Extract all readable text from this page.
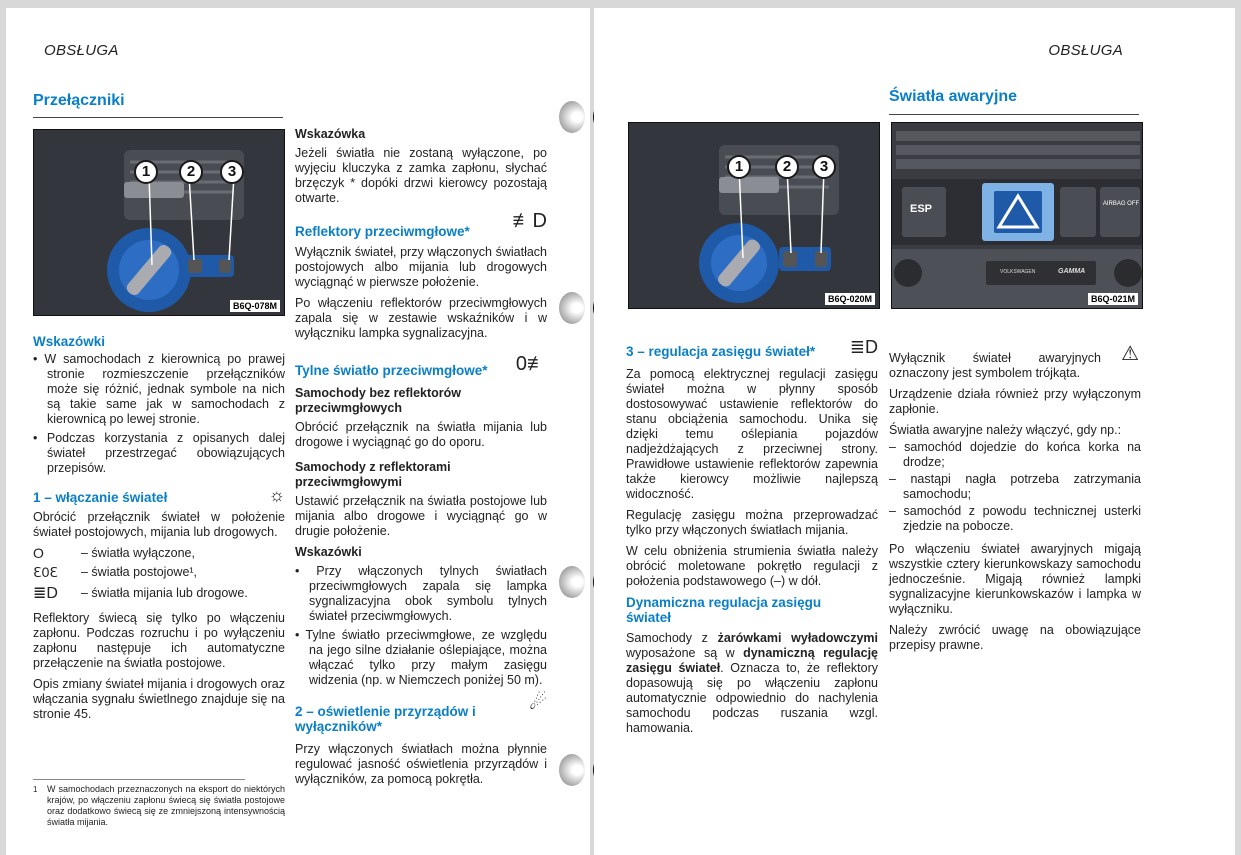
OBSŁUGA
Przełączniki
1	2	3
B6Q-078M
Wskazówki
• W samochodach z kierownicą po prawej stronie rozmieszczenie przełączników może się różnić, jednak symbole na nich są takie same jak w samochodach z kierownicą po lewej stronie.
• Podczas korzystania z opisanych dalej świateł przestrzegać obowiązujących przepisów.
1 – włączanie świateł	☼

Obrócić przełącznik świateł w położenie świateł postojowych, mijania lub drogowych.

O	– światła wyłączone,
ℇ0ℇ	– światła postojowe¹,
≣D	– światła mijania lub drogowe.

Reflektory świecą się tylko po włączeniu zapłonu. Podczas rozruchu i po wyłączeniu zapłonu następuje ich automatyczne przełączenie na światła postojowe.

Opis zmiany świateł mijania i drogowych oraz włączania sygnału świetlnego znajduje się na stronie 45.

1	W samochodach przeznaczonych na eksport do niektórych krajów, po włączeniu zapłonu świecą się światła postojowe oraz dodatkowo świecą się ze zmniejszoną intensywnością światła mijania.
Wskazówka

Jeżeli światła nie zostaną wyłączone, po wyjęciu kluczyka z zamka zapłonu, słychać brzęczyk * dopóki drzwi kierowcy pozostają otwarte.

Reflektory przeciwmgłowe*	≢D

Wyłącznik świateł, przy włączonych światłach postojowych albo mijania lub drogowych wyciągnąć w pierwsze położenie.

Po włączeniu reflektorów przeciwmgłowych zapala się w zestawie wskaźników i w wyłączniku lampka sygnalizacyjna.

Tylne światło przeciwmgłowe*	0≢
Samochody bez reflektorów przeciwmgłowych

Obrócić przełącznik na światła mijania lub drogowe i wyciągnąć go do oporu.

Samochody z reflektorami przeciwmgłowymi

Ustawić przełącznik na światła postojowe lub mijania albo drogowe i wyciągnąć go w drugie położenie.

Wskazówki
• Przy włączonych tylnych światłach przeciwmgłowych zapala się lampka sygnalizacyjna obok symbolu tylnych świateł przeciwmgłowych.
• Tylne światło przeciwmgłowe, ze względu na jego silne działanie oślepiające, można włączać tylko przy małym zasięgu widzenia (np. w Niemczech poniżej 50 m).
2 – oświetlenie przyrządów i wyłączników*
☄

Przy włączonych światłach można płynnie regulować jasność oświetlenia przyrządów i wyłączników, za pomocą pokrętła.

OBSŁUGA
Światła awaryjne
1	2	3
B6Q-020M
ESP	AIRBAG OFF
VOLKSWAGEN	GAMMA
B6Q-021M
3 – regulacja zasięgu świateł* ≣D

Za pomocą elektrycznej regulacji zasięgu świateł można w płynny sposób dostosowywać ustawienie reflektorów do stanu obciążenia samochodu. Unika się dzięki temu oślepiania pojazdów nadjeżdżających z przeciwnej strony. Prawidłowe ustawienie reflektorów zapewnia także kierowcy możliwie najlepszą widoczność.

Regulację zasięgu można przeprowadzać tylko przy włączonych światłach mijania.

W celu obniżenia strumienia światła należy obrócić moletowane pokrętło regulacji z położenia podstawowego (–) w dół.

Dynamiczna regulacja zasięgu świateł

Samochody z żarówkami wyładowczymi wyposażone są w dynamiczną regulację zasięgu świateł. Oznacza to, że reflektory dopasowują się po włączeniu zapłonu automatycznie odpowiednio do nachylenia samochodu podczas ruszania wzgl. hamowania.

Wyłącznik świateł awaryjnych oznaczony jest symbolem trójkąta.

⚠

Urządzenie działa również przy wyłączonym zapłonie.

Światła awaryjne należy włączyć, gdy np.:

– samochód dojedzie do końca korka na drodze;
– nastąpi nagła potrzeba zatrzymania samochodu;
– samochód z powodu technicznej usterki zjedzie na pobocze.

Po włączeniu świateł awaryjnych migają wszystkie cztery kierunkowskazy samochodu jednocześnie. Migają również lampki sygnalizacyjne kierunkowskazów i lampka w wyłączniku.

Należy zwrócić uwagę na obowiązujące przepisy prawne.
